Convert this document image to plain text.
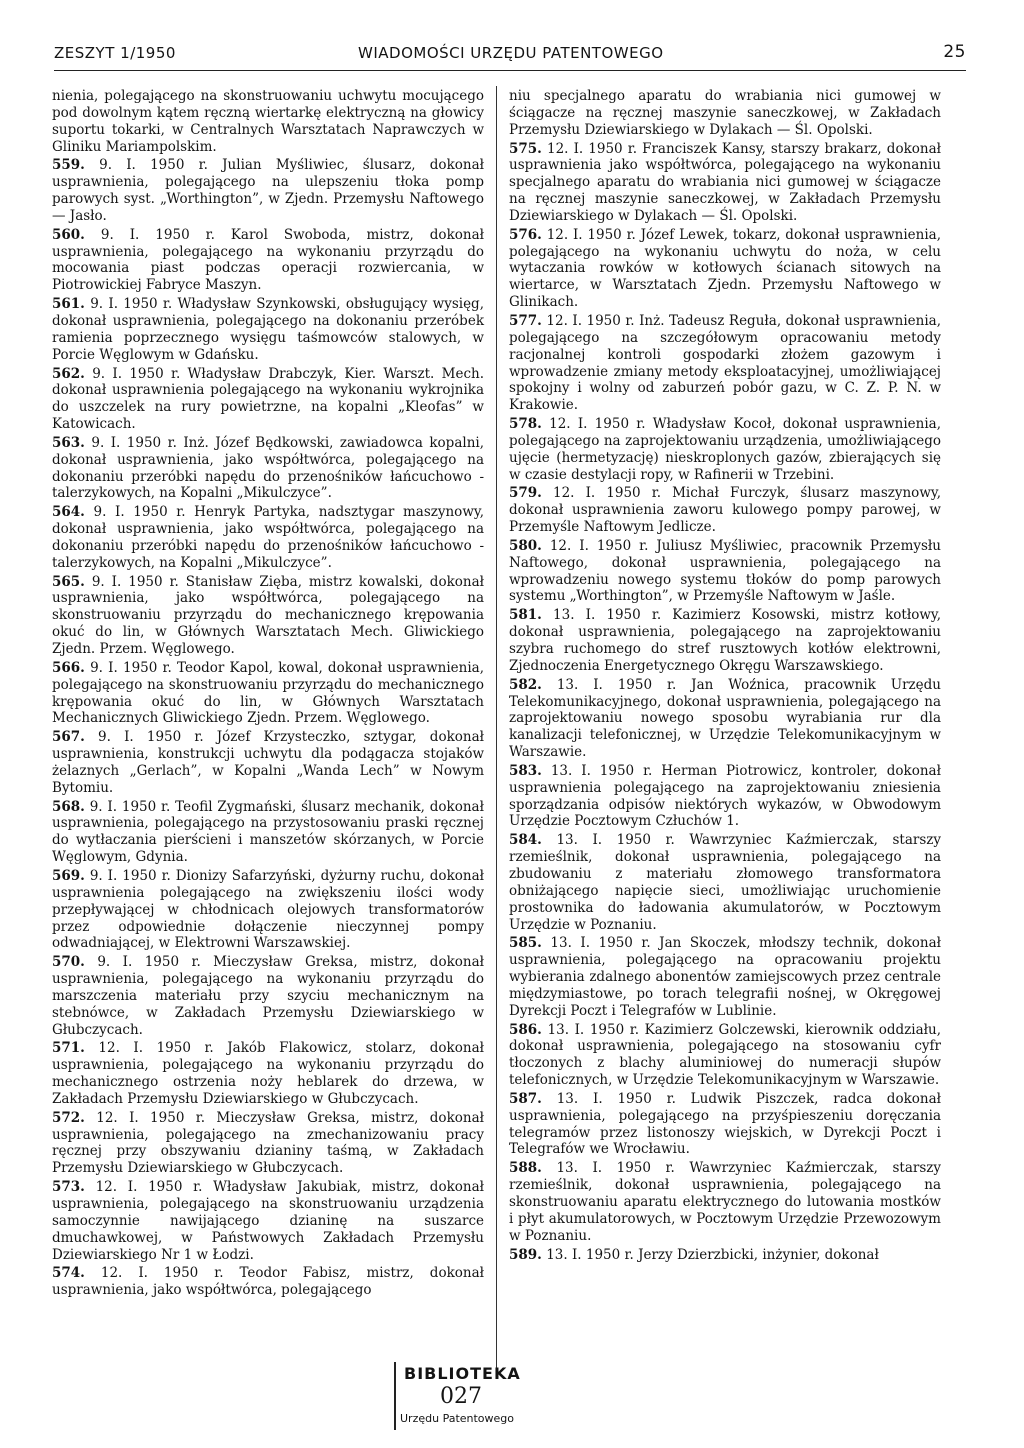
ZESZYT 1/1950	WIADOMOŚCI URZĘDU PATENTOWEGO	25

nienia, polegającego na skonstruowaniu uchwytu mocującego pod dowolnym kątem ręczną wiertarkę elektryczną na głowicy suportu tokarki, w Centralnych Warsztatach Naprawczych w Gliniku Mariampolskim.

559. 9. I. 1950 r. Julian Myśliwiec, ślusarz, dokonał usprawnienia, polegającego na ulepszeniu tłoka pomp parowych syst. „Worthington”, w Zjedn. Przemysłu Naftowego — Jasło.

560. 9. I. 1950 r. Karol Swoboda, mistrz, dokonał usprawnienia, polegającego na wykonaniu przyrządu do mocowania piast podczas operacji rozwiercania, w Piotrowickiej Fabryce Maszyn.

561. 9. I. 1950 r. Władysław Szynkowski, obsługujący wysięg, dokonał usprawnienia, polegającego na dokonaniu przeróbek ramienia poprzecznego wysięgu taśmowców stalowych, w Porcie Węglowym w Gdańsku.

562. 9. I. 1950 r. Władysław Drabczyk, Kier. Warszt. Mech. dokonał usprawnienia polegającego na wykonaniu wykrojnika do uszczelek na rury powietrzne, na kopalni „Kleofas” w Katowicach.

563. 9. I. 1950 r. Inż. Józef Będkowski, zawiadowca kopalni, dokonał usprawnienia, jako współtwórca, polegającego na dokonaniu przeróbki napędu do przenośników łańcuchowo - talerzykowych, na Kopalni „Mikulczyce”.

564. 9. I. 1950 r. Henryk Partyka, nadsztygar maszynowy, dokonał usprawnienia, jako współtwórca, polegającego na dokonaniu przeróbki napędu do przenośników łańcuchowo - talerzykowych, na Kopalni „Mikulczyce”.

565. 9. I. 1950 r. Stanisław Zięba, mistrz kowalski, dokonał usprawnienia, jako współtwórca, polegającego na skonstruowaniu przyrządu do mechanicznego krępowania okuć do lin, w Głównych Warsztatach Mech. Gliwickiego Zjedn. Przem. Węglowego.

566. 9. I. 1950 r. Teodor Kapol, kowal, dokonał usprawnienia, polegającego na skonstruowaniu przyrządu do mechanicznego krępowania okuć do lin, w Głównych Warsztatach Mechanicznych Gliwickiego Zjedn. Przem. Węglowego.

567. 9. I. 1950 r. Józef Krzysteczko, sztygar, dokonał usprawnienia, konstrukcji uchwytu dla podągacza stojaków żelaznych „Gerlach”, w Kopalni „Wanda Lech” w Nowym Bytomiu.

568. 9. I. 1950 r. Teofil Zygmański, ślusarz mechanik, dokonał usprawnienia, polegającego na przystosowaniu praski ręcznej do wytłaczania pierścieni i manszetów skórzanych, w Porcie Węglowym, Gdynia.

569. 9. I. 1950 r. Dionizy Safarzyński, dyżurny ruchu, dokonał usprawnienia polegającego na zwiększeniu ilości wody przepływającej w chłodnicach olejowych transformatorów przez odpowiednie dołączenie nieczynnej pompy odwadniającej, w Elektrowni Warszawskiej.

570. 9. I. 1950 r. Mieczysław Greksa, mistrz, dokonał usprawnienia, polegającego na wykonaniu przyrządu do marszczenia materiału przy szyciu mechanicznym na stebnówce, w Zakładach Przemysłu Dziewiarskiego w Głubczycach.

571. 12. I. 1950 r. Jakób Flakowicz, stolarz, dokonał usprawnienia, polegającego na wykonaniu przyrządu do mechanicznego ostrzenia noży heblarek do drzewa, w Zakładach Przemysłu Dziewiarskiego w Głubczycach.

572. 12. I. 1950 r. Mieczysław Greksa, mistrz, dokonał usprawnienia, polegającego na zmechanizowaniu pracy ręcznej przy obszywaniu dzianiny taśmą, w Zakładach Przemysłu Dziewiarskiego w Głubczycach.

573. 12. I. 1950 r. Władysław Jakubiak, mistrz, dokonał usprawnienia, polegającego na skonstruowaniu urządzenia samoczynnie nawijającego dzianinę na suszarce dmuchawkowej, w Państwowych Zakładach Przemysłu Dziewiarskiego Nr 1 w Łodzi.

574. 12. I. 1950 r. Teodor Fabisz, mistrz, dokonał usprawnienia, jako współtwórca, polegającego

niu specjalnego aparatu do wrabiania nici gumowej w ściągacze na ręcznej maszynie saneczkowej, w Zakładach Przemysłu Dziewiarskiego w Dylakach — Śl. Opolski.

575. 12. I. 1950 r. Franciszek Kansy, starszy brakarz, dokonał usprawnienia jako współtwórca, polegającego na wykonaniu specjalnego aparatu do wrabiania nici gumowej w ściągacze na ręcznej maszynie saneczkowej, w Zakładach Przemysłu Dziewiarskiego w Dylakach — Śl. Opolski.

576. 12. I. 1950 r. Józef Lewek, tokarz, dokonał usprawnienia, polegającego na wykonaniu uchwytu do noża, w celu wytaczania rowków w kotłowych ścianach sitowych na wiertarce, w Warsztatach Zjedn. Przemysłu Naftowego w Glinikach.

577. 12. I. 1950 r. Inż. Tadeusz Reguła, dokonał usprawnienia, polegającego na szczegółowym opracowaniu metody racjonalnej kontroli gospodarki złożem gazowym i wprowadzenie zmiany metody eksploatacyjnej, umożliwiającej spokojny i wolny od zaburzeń pobór gazu, w C. Z. P. N. w Krakowie.

578. 12. I. 1950 r. Władysław Kocoł, dokonał usprawnienia, polegającego na zaprojektowaniu urządzenia, umożliwiającego ujęcie (hermetyzację) nieskroplonych gazów, zbierających się w czasie destylacji ropy, w Rafinerii w Trzebini.

579. 12. I. 1950 r. Michał Furczyk, ślusarz maszynowy, dokonał usprawnienia zaworu kulowego pompy parowej, w Przemyśle Naftowym Jedlicze.

580. 12. I. 1950 r. Juliusz Myśliwiec, pracownik Przemysłu Naftowego, dokonał usprawnienia, polegającego na wprowadzeniu nowego systemu tłoków do pomp parowych systemu „Worthington”, w Przemyśle Naftowym w Jaśle.

581. 13. I. 1950 r. Kazimierz Kosowski, mistrz kotłowy, dokonał usprawnienia, polegającego na zaprojektowaniu szybra ruchomego do stref rusztowych kotłów elektrowni, Zjednoczenia Energetycznego Okręgu Warszawskiego.

582. 13. I. 1950 r. Jan Woźnica, pracownik Urzędu Telekomunikacyjnego, dokonał usprawnienia, polegającego na zaprojektowaniu nowego sposobu wyrabiania rur dla kanalizacji telefonicznej, w Urzędzie Telekomunikacyjnym w Warszawie.

583. 13. I. 1950 r. Herman Piotrowicz, kontroler, dokonał usprawnienia polegającego na zaprojektowaniu zniesienia sporządzania odpisów niektórych wykazów, w Obwodowym Urzędzie Pocztowym Człuchów 1.

584. 13. I. 1950 r. Wawrzyniec Kaźmierczak, starszy rzemieślnik, dokonał usprawnienia, polegającego na zbudowaniu z materiału złomowego transformatora obniżającego napięcie sieci, umożliwiając uruchomienie prostownika do ładowania akumulatorów, w Pocztowym Urzędzie w Poznaniu.

585. 13. I. 1950 r. Jan Skoczek, młodszy technik, dokonał usprawnienia, polegającego na opracowaniu projektu wybierania zdalnego abonentów zamiejscowych przez centrale międzymiastowe, po torach telegrafii nośnej, w Okręgowej Dyrekcji Poczt i Telegrafów w Lublinie.

586. 13. I. 1950 r. Kazimierz Golczewski, kierownik oddziału, dokonał usprawnienia, polegającego na stosowaniu cyfr tłoczonych z blachy aluminiowej do numeracji słupów telefonicznych, w Urzędzie Telekomunikacyjnym w Warszawie.

587. 13. I. 1950 r. Ludwik Piszczek, radca dokonał usprawnienia, polegającego na przyśpieszeniu doręczania telegramów przez listonoszy wiejskich, w Dyrekcji Poczt i Telegrafów we Wrocławiu.

588. 13. I. 1950 r. Wawrzyniec Kaźmierczak, starszy rzemieślnik, dokonał usprawnienia, polegającego na skonstruowaniu aparatu elektrycznego do lutowania mostków i płyt akumulatorowych, w Pocztowym Urzędzie Przewozowym w Poznaniu.

589. 13. I. 1950 r. Jerzy Dzierzbicki, inżynier, dokonał

BIBLIOTEKA
027
Urzędu Patentowego
